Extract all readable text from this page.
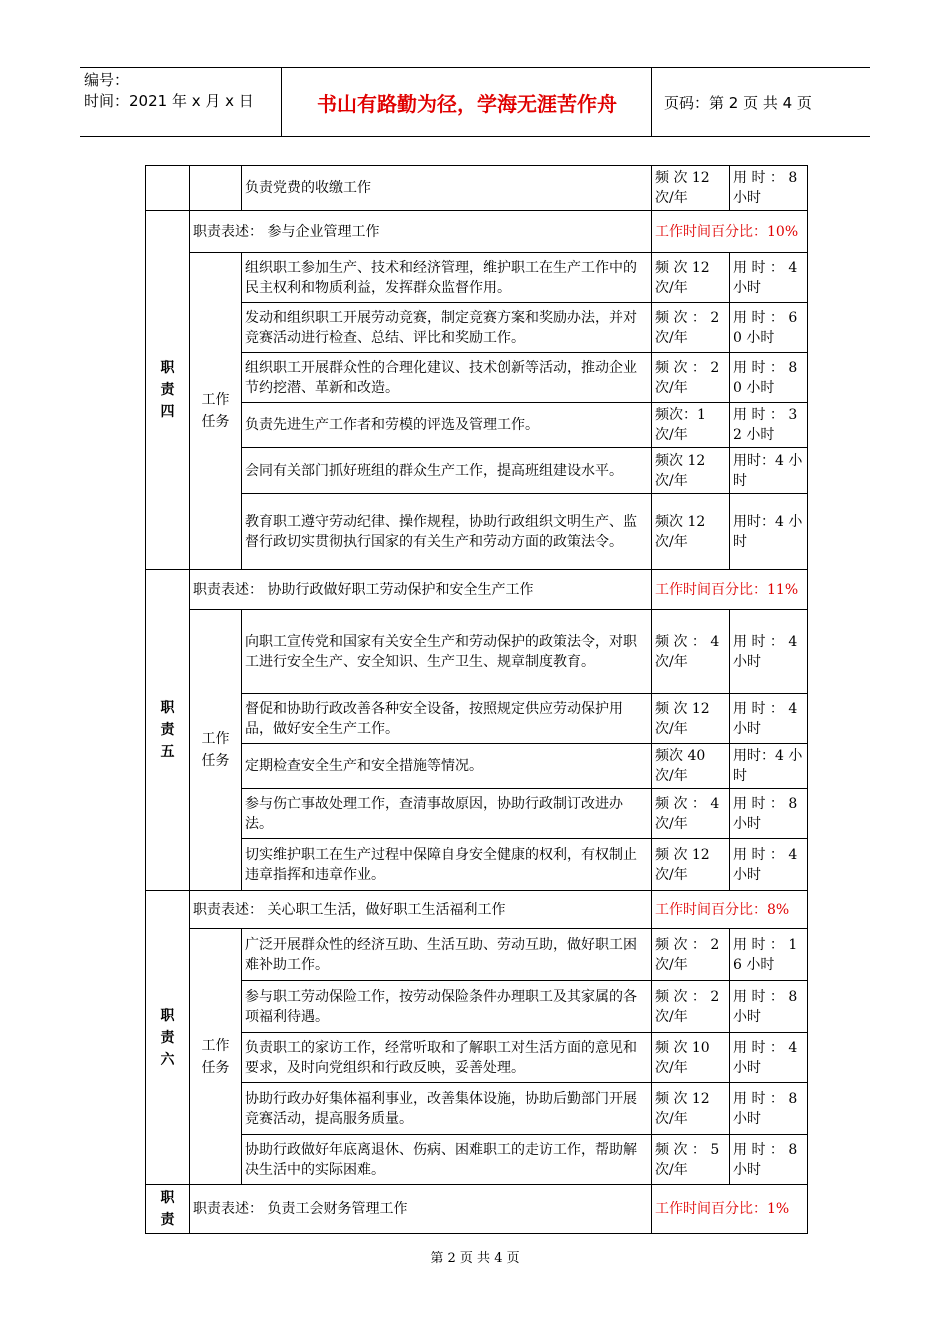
编号：
时间：2021 年 x 月 x 日	书山有路勤为径，学海无涯苦作舟	页码：第 2 页 共 4 页
		负责党费的收缴工作	频 次 12 次/年	用 时 ： 8 小时
职责四	职责表述： 参与企业管理工作		工作时间百分比：10%	
	工作任务	组织职工参加生产、技术和经济管理，维护职工在生产工作中的民主权利和物质利益，发挥群众监督作用。	频 次 12 次/年	用 时 ： 4 小时
		发动和组织职工开展劳动竞赛，制定竞赛方案和奖励办法，并对竞赛活动进行检查、总结、评比和奖励工作。	频 次 ： 2 次/年	用 时 ： 60 小时
		组织职工开展群众性的合理化建议、技术创新等活动，推动企业节约挖潜、革新和改造。	频 次 ： 2 次/年	用 时 ： 80 小时
		负责先进生产工作者和劳模的评选及管理工作。	频次：1 次/年	用 时 ： 32 小时
		会同有关部门抓好班组的群众生产工作，提高班组建设水平。	频次 12 次/年	用时：4 小时
		教育职工遵守劳动纪律、操作规程，协助行政组织文明生产、监督行政切实贯彻执行国家的有关生产和劳动方面的政策法令。	频次 12 次/年	用时：4 小时
职责五	职责表述： 协助行政做好职工劳动保护和安全生产工作		工作时间百分比：11%	
	工作任务	向职工宣传党和国家有关安全生产和劳动保护的政策法令，对职工进行安全生产、安全知识、生产卫生、规章制度教育。	频 次 ： 4 次/年	用 时 ： 4 小时
		督促和协助行政改善各种安全设备，按照规定供应劳动保护用品，做好安全生产工作。	频 次 12 次/年	用 时 ： 4 小时
		定期检查安全生产和安全措施等情况。	频次 40 次/年	用时：4 小时
		参与伤亡事故处理工作，查清事故原因，协助行政制订改进办法。	频 次 ： 4 次/年	用 时 ： 8 小时
		切实维护职工在生产过程中保障自身安全健康的权利，有权制止违章指挥和违章作业。	频 次 12 次/年	用 时 ： 4 小时
职责六	职责表述： 关心职工生活，做好职工生活福利工作		工作时间百分比：8%	
	工作任务	广泛开展群众性的经济互助、生活互助、劳动互助，做好职工困难补助工作。	频 次 ： 2 次/年	用 时 ： 16 小时
		参与职工劳动保险工作，按劳动保险条件办理职工及其家属的各项福利待遇。	频 次 ： 2 次/年	用 时 ： 8 小时
		负责职工的家访工作，经常听取和了解职工对生活方面的意见和要求，及时向党组织和行政反映，妥善处理。	频 次 10 次/年	用 时 ： 4 小时
		协助行政办好集体福利事业，改善集体设施，协助后勤部门开展竞赛活动，提高服务质量。	频 次 12 次/年	用 时 ： 8 小时
		协助行政做好年底离退休、伤病、困难职工的走访工作，帮助解决生活中的实际困难。	频 次 ： 5 次/年	用 时 ： 8 小时
职责	职责表述： 负责工会财务管理工作		工作时间百分比：1%	
第 2 页 共 4 页
